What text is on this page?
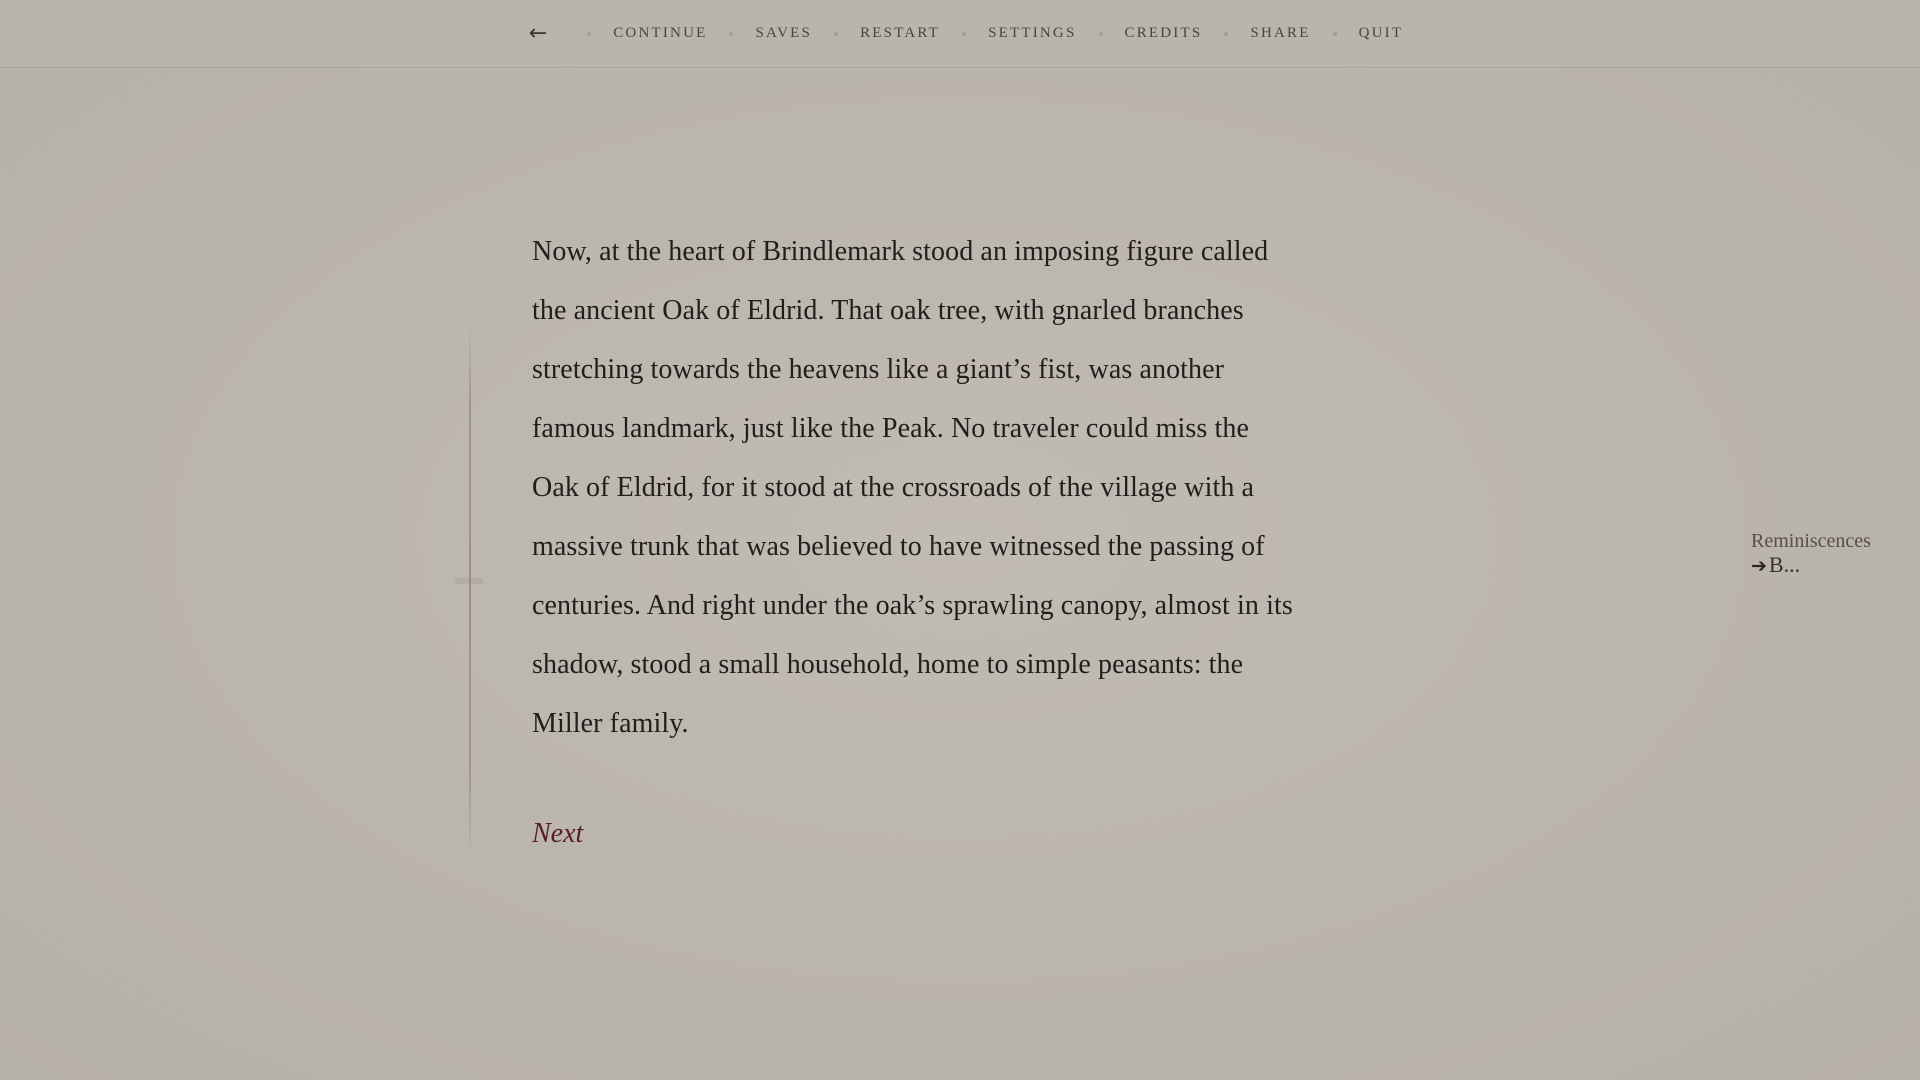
←	CONTINUE	SAVES	RESTART	SETTINGS	CREDITS	SHARE	QUIT

Now, at the heart of Brindlemark stood an imposing figure called
the ancient Oak of Eldrid. That oak tree, with gnarled branches
stretching towards the heavens like a giant’s fist, was another
famous landmark, just like the Peak. No traveler could miss the
Oak of Eldrid, for it stood at the crossroads of the village with a
massive trunk that was believed to have witnessed the passing of
centuries. And right under the oak’s sprawling canopy, almost in its
shadow, stood a small household, home to simple peasants: the
Miller family.

Next
Reminiscences
➔B...
